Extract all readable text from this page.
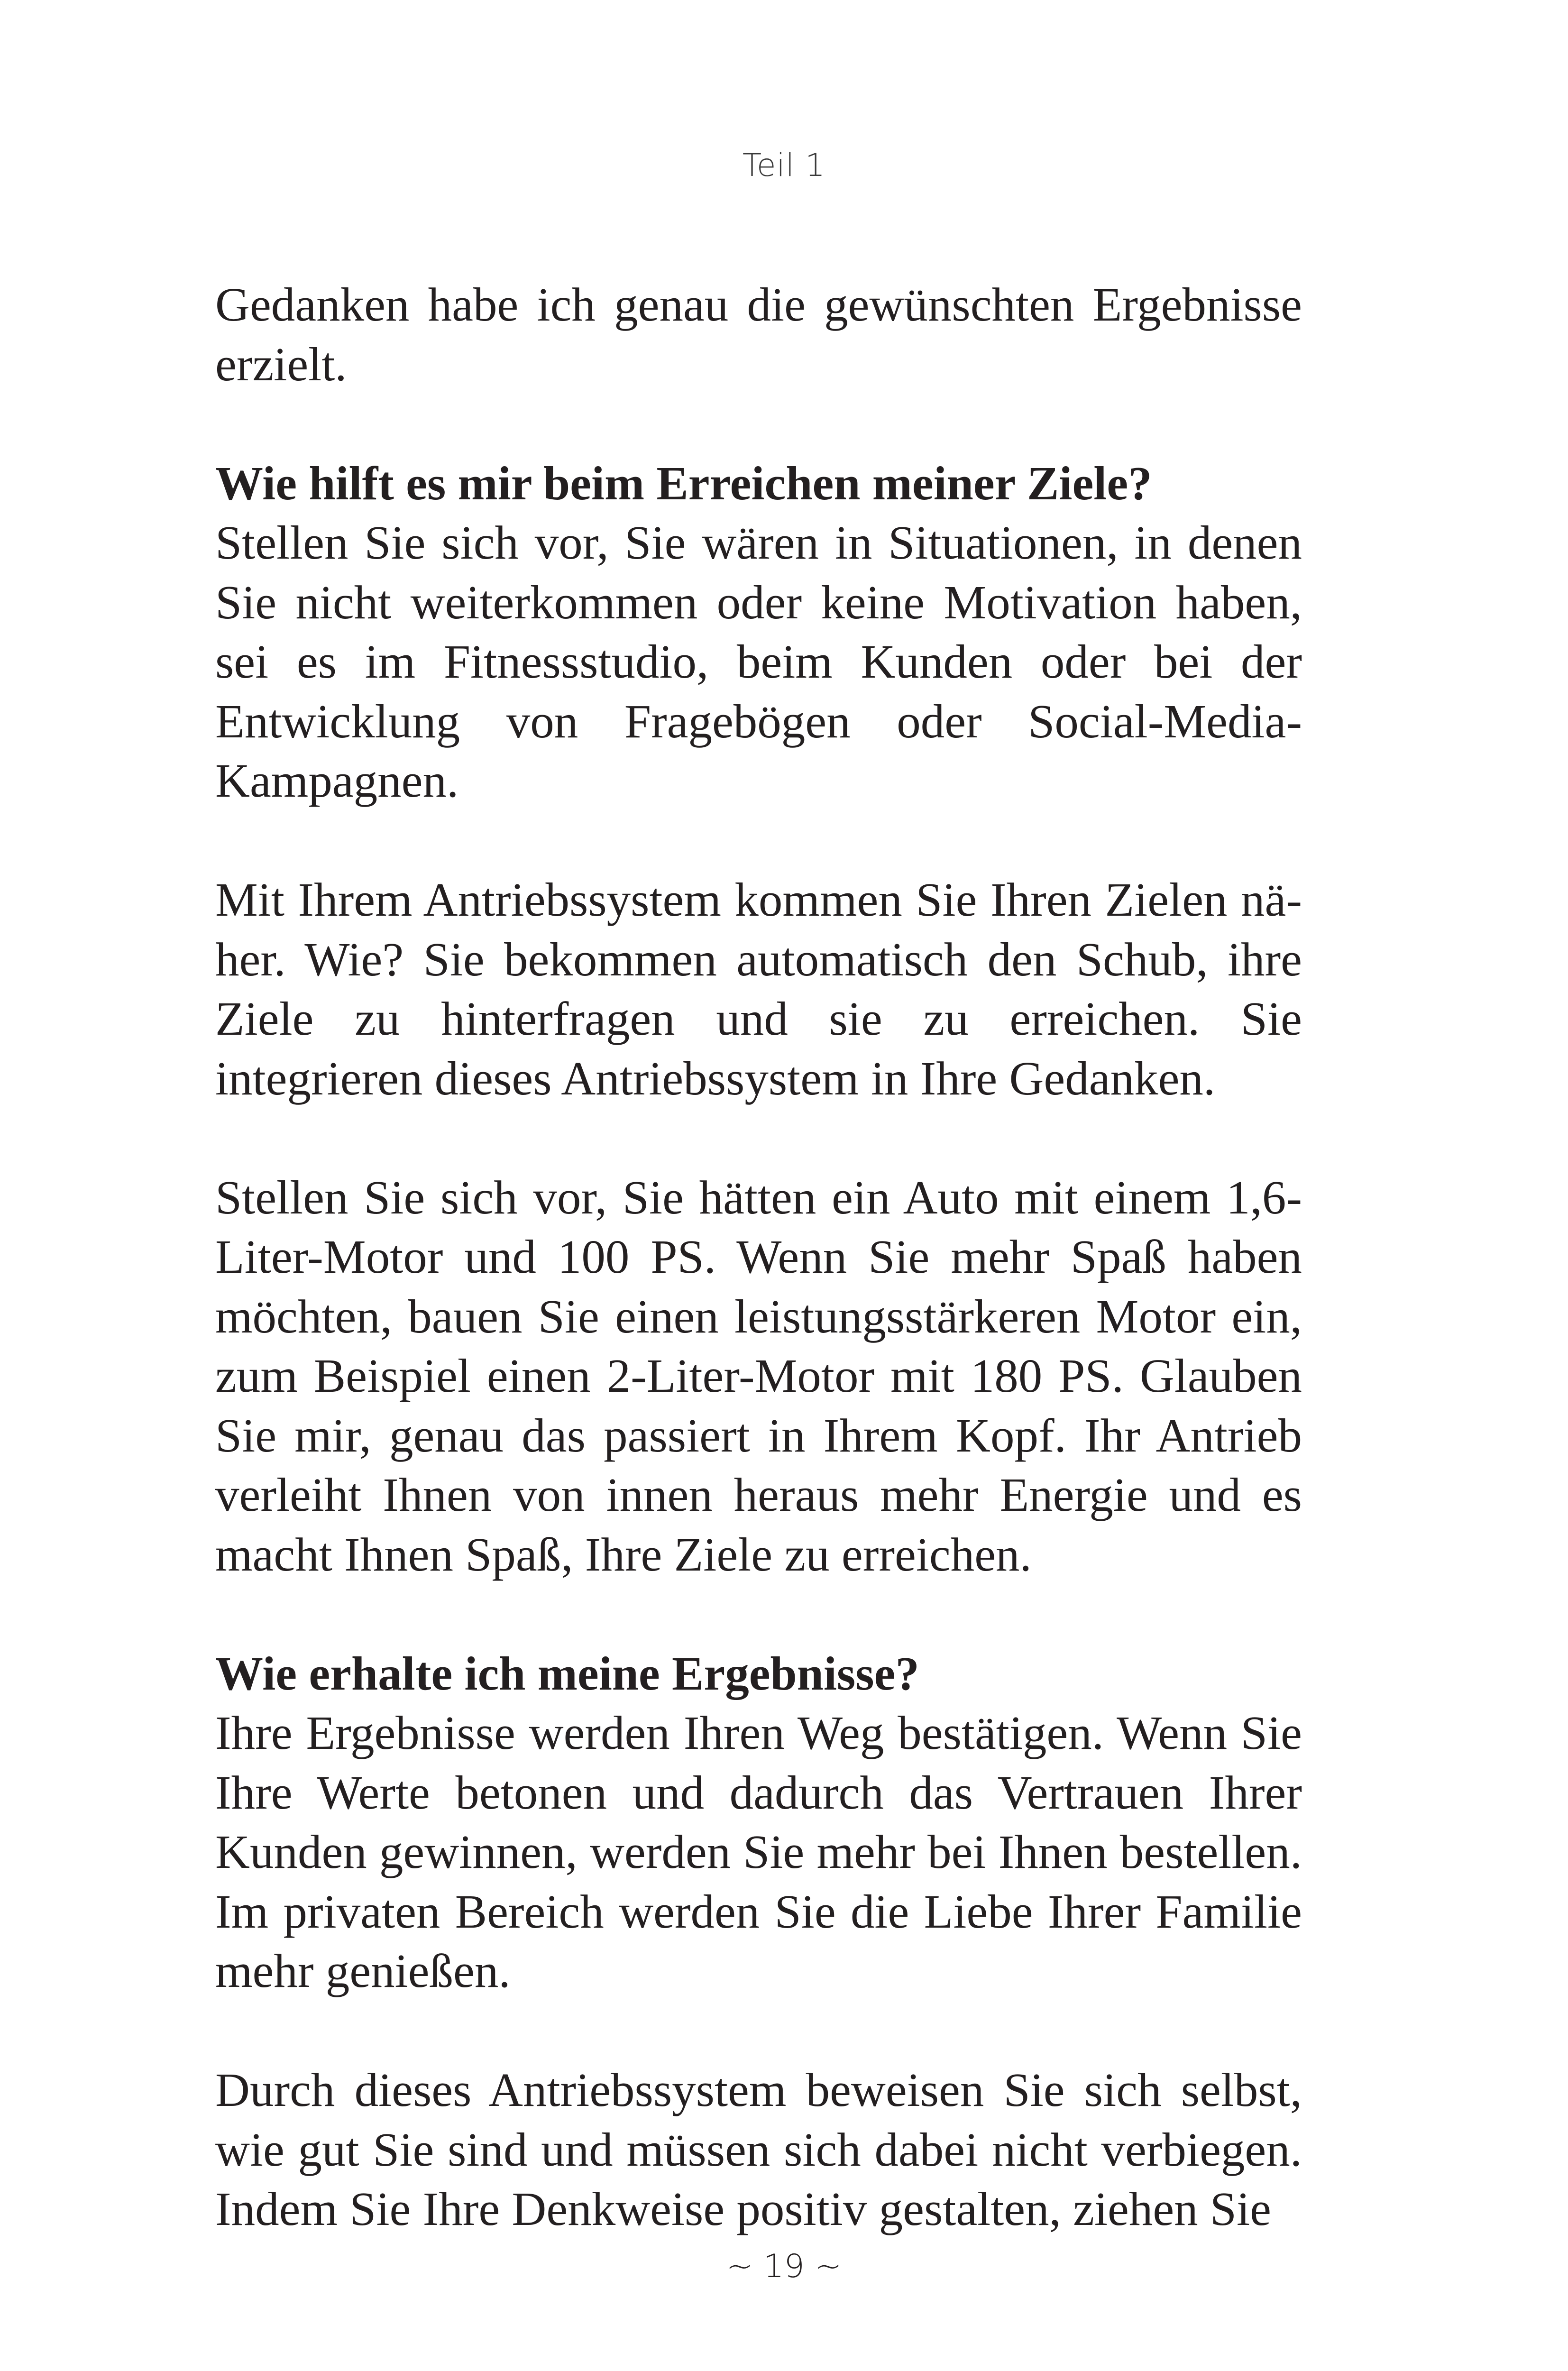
Teil 1

Gedanken habe ich genau die gewünschten Ergebnisse erzielt.

Wie hilft es mir beim Erreichen meiner Ziele?

Stellen Sie sich vor, Sie wären in Situationen, in denen Sie nicht weiterkommen oder keine Motivation haben, sei es im Fitnessstudio, beim Kunden oder bei der Entwicklung von Fragebögen oder Social-Media-Kampagnen.

Mit Ihrem Antriebssystem kommen Sie Ihren Zielen näher. Wie? Sie bekommen automatisch den Schub, ihre Ziele zu hinterfragen und sie zu erreichen. Sie integrieren dieses Antriebssystem in Ihre Gedanken.

Stellen Sie sich vor, Sie hätten ein Auto mit einem 1,6-Liter-Motor und 100 PS. Wenn Sie mehr Spaß haben möchten, bauen Sie einen leistungsstärkeren Motor ein, zum Beispiel einen 2-Liter-Motor mit 180 PS. Glauben Sie mir, genau das passiert in Ihrem Kopf. Ihr Antrieb verleiht Ihnen von innen heraus mehr Energie und es macht Ihnen Spaß, Ihre Ziele zu erreichen.

Wie erhalte ich meine Ergebnisse?

Ihre Ergebnisse werden Ihren Weg bestätigen. Wenn Sie Ihre Werte betonen und dadurch das Vertrauen Ihrer Kunden gewinnen, werden Sie mehr bei Ihnen bestellen. Im privaten Bereich werden Sie die Liebe Ihrer Familie mehr genießen.

Durch dieses Antriebssystem beweisen Sie sich selbst, wie gut Sie sind und müssen sich dabei nicht verbiegen. Indem Sie Ihre Denkweise positiv gestalten, ziehen Sie

~ 19 ~
